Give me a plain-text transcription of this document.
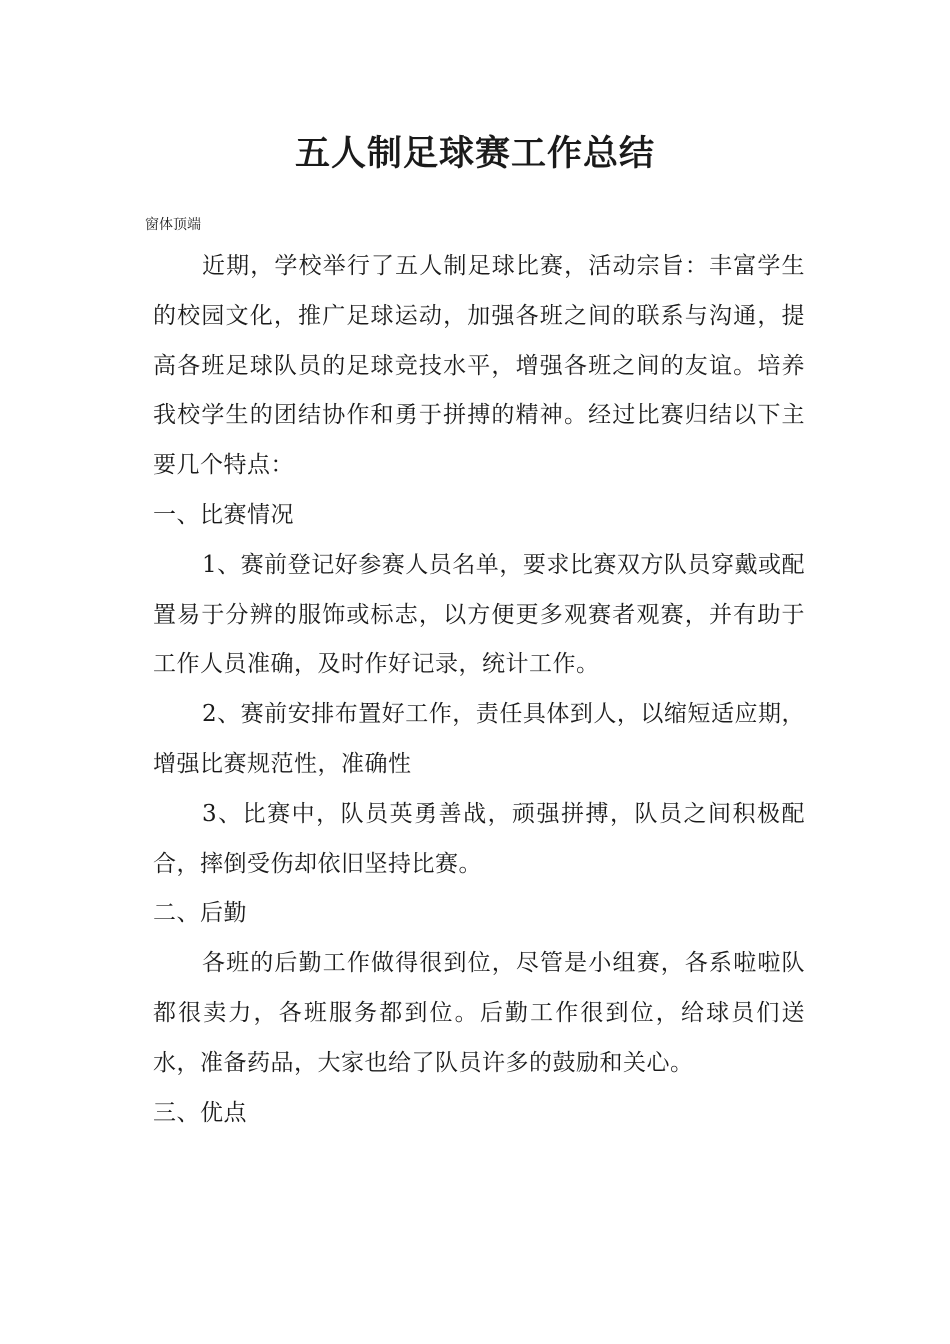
五人制足球赛工作总结
窗体顶端

近期，学校举行了五人制足球比赛，活动宗旨：丰富学生的校园文化，推广足球运动，加强各班之间的联系与沟通，提高各班足球队员的足球竞技水平，增强各班之间的友谊。培养我校学生的团结协作和勇于拼搏的精神。经过比赛归结以下主要几个特点：

一、比赛情况

1、赛前登记好参赛人员名单，要求比赛双方队员穿戴或配置易于分辨的服饰或标志，以方便更多观赛者观赛，并有助于工作人员准确，及时作好记录，统计工作。

2、赛前安排布置好工作，责任具体到人，以缩短适应期，增强比赛规范性，准确性

3、比赛中，队员英勇善战，顽强拼搏，队员之间积极配合，摔倒受伤却依旧坚持比赛。

二、后勤

各班的后勤工作做得很到位，尽管是小组赛，各系啦啦队都很卖力，各班服务都到位。后勤工作很到位，给球员们送水，准备药品，大家也给了队员许多的鼓励和关心。

三、优点
